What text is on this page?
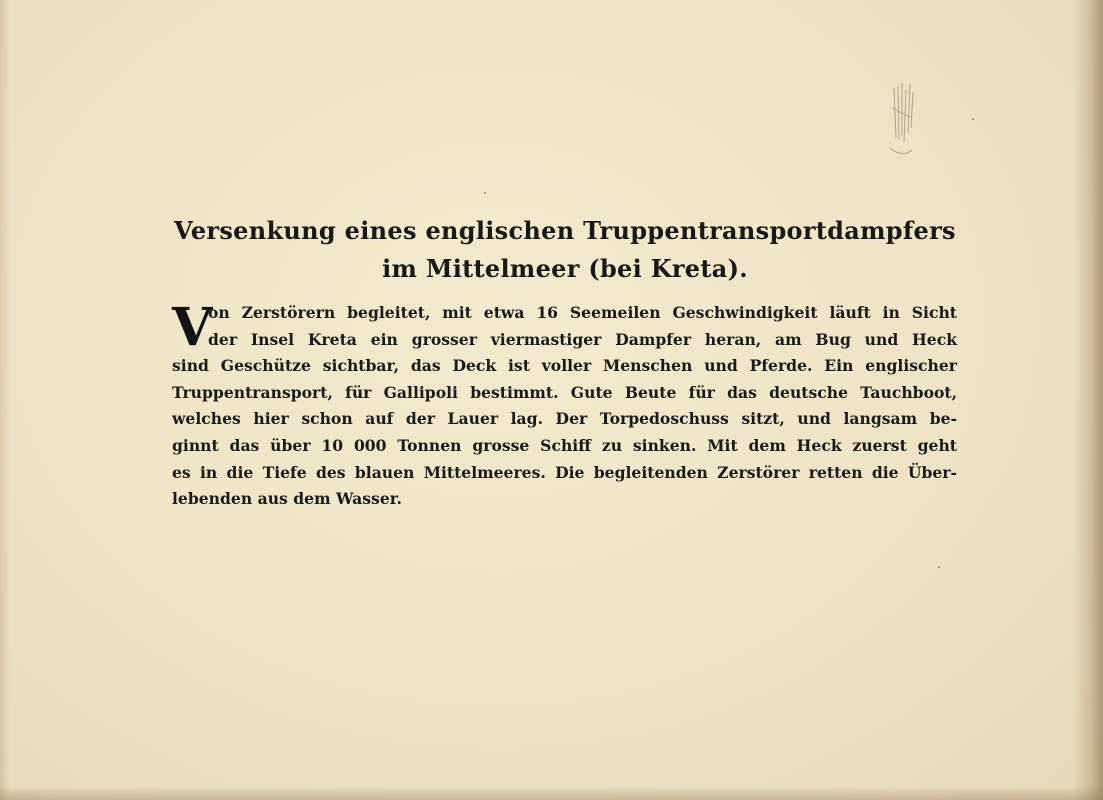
Versenkung eines englischen Truppentransportdampfers
im Mittelmeer (bei Kreta).
V
on Zerstörern begleitet, mit etwa 16 Seemeilen Geschwindigkeit läuft in Sicht
der Insel Kreta ein grosser viermastiger Dampfer heran, am Bug und Heck
sind Geschütze sichtbar, das Deck ist voller Menschen und Pferde. Ein englischer
Truppentransport, für Gallipoli bestimmt. Gute Beute für das deutsche Tauchboot,
welches hier schon auf der Lauer lag. Der Torpedoschuss sitzt, und langsam be-
ginnt das über 10 000 Tonnen grosse Schiff zu sinken. Mit dem Heck zuerst geht
es in die Tiefe des blauen Mittelmeeres. Die begleitenden Zerstörer retten die Über-
lebenden aus dem Wasser.
